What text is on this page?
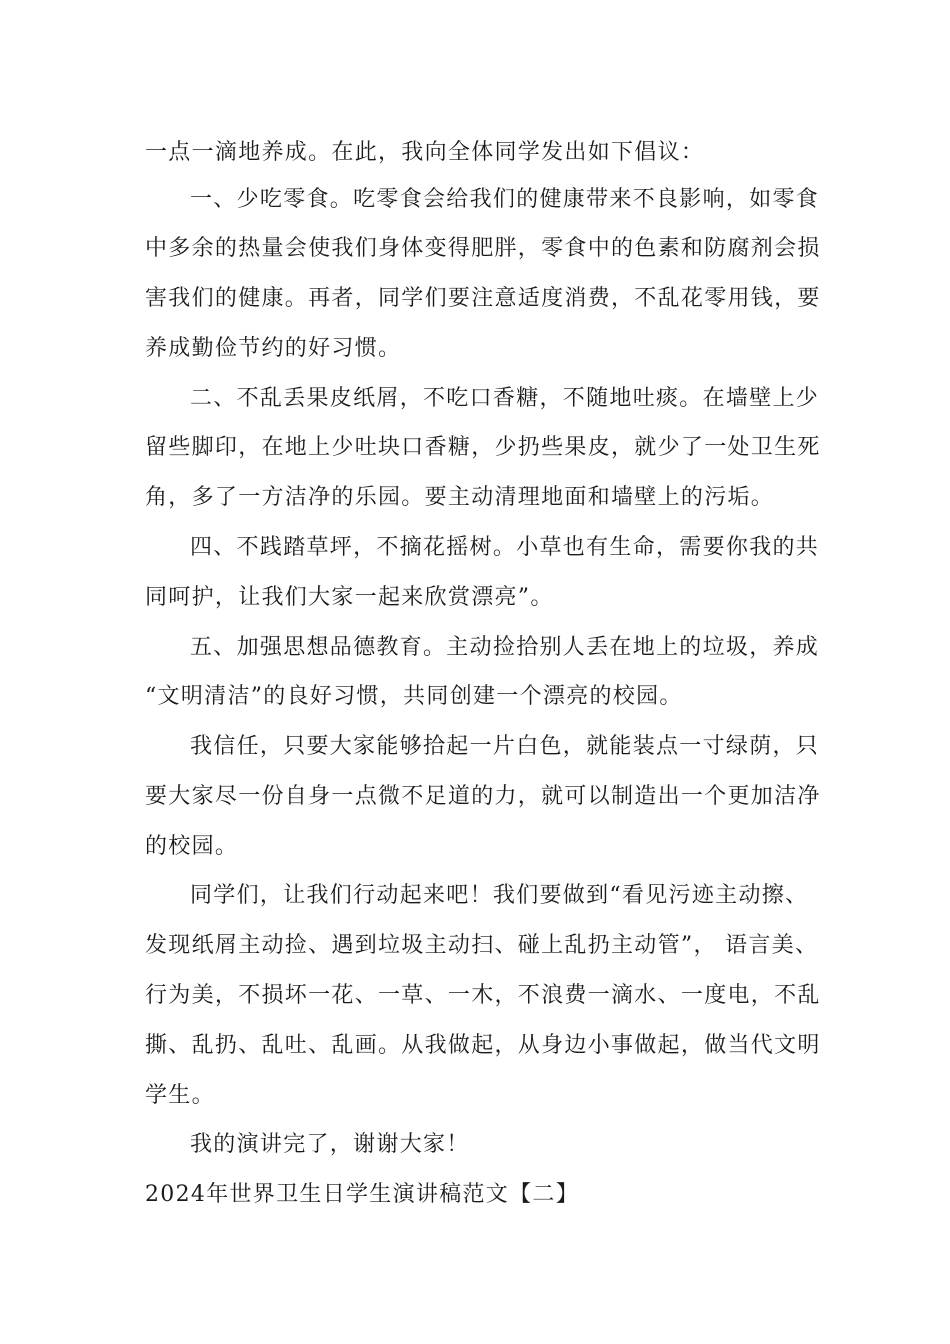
一点一滴地养成。在此，我向全体同学发出如下倡议：
一、少吃零食。吃零食会给我们的健康带来不良影响，如零食
中多余的热量会使我们身体变得肥胖，零食中的色素和防腐剂会损
害我们的健康。再者，同学们要注意适度消费，不乱花零用钱，要
养成勤俭节约的好习惯。
二、不乱丢果皮纸屑，不吃口香糖，不随地吐痰。在墙壁上少
留些脚印，在地上少吐块口香糖，少扔些果皮，就少了一处卫生死
角，多了一方洁净的乐园。要主动清理地面和墙壁上的污垢。
四、不践踏草坪，不摘花摇树。小草也有生命，需要你我的共
同呵护，让我们大家一起来欣赏漂亮”。
五、加强思想品德教育。主动捡拾别人丢在地上的垃圾，养成
“文明清洁”的良好习惯，共同创建一个漂亮的校园。
我信任，只要大家能够拾起一片白色，就能装点一寸绿荫，只
要大家尽一份自身一点微不足道的力，就可以制造出一个更加洁净
的校园。
同学们，让我们行动起来吧！我们要做到“看见污迹主动擦、
发现纸屑主动捡、遇到垃圾主动扫、碰上乱扔主动管”， 语言美、
行为美，不损坏一花、一草、一木，不浪费一滴水、一度电，不乱
撕、乱扔、乱吐、乱画。从我做起，从身边小事做起，做当代文明
学生。
我的演讲完了，谢谢大家！
2024年世界卫生日学生演讲稿范文【二】
